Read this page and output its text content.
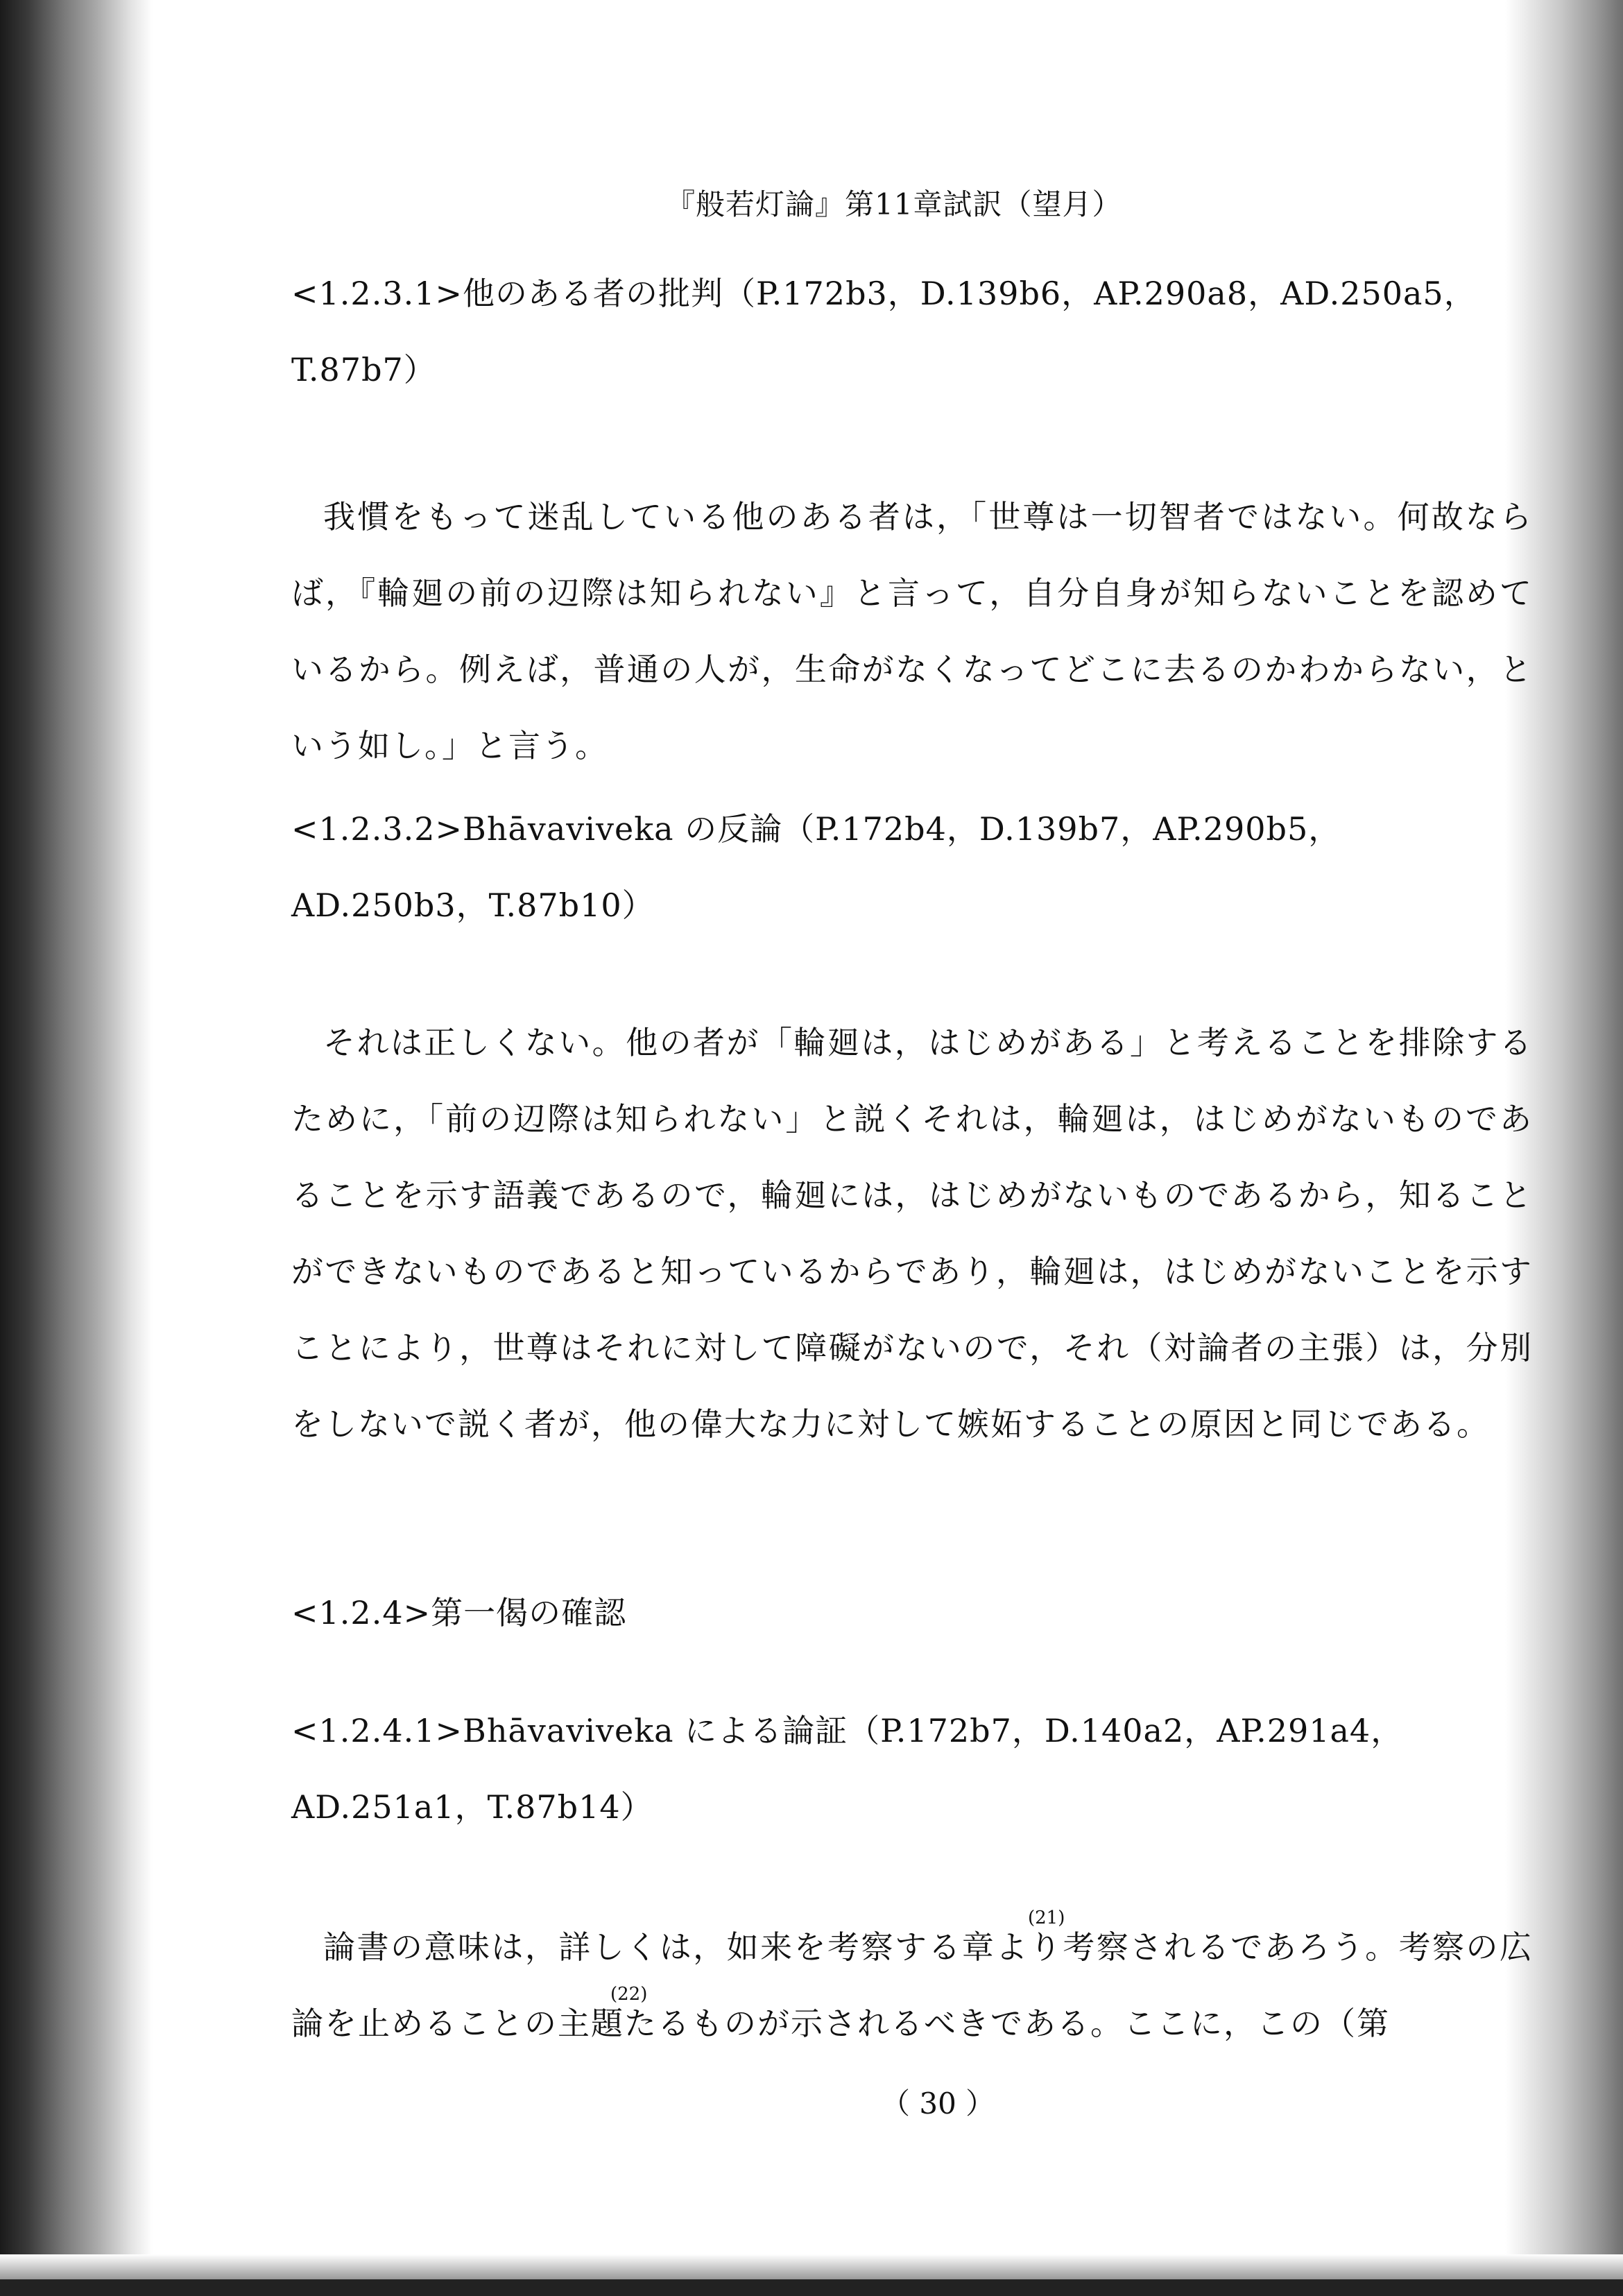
『般若灯論』第11章試訳（望月）
<1.2.3.1>他のある者の批判（P.172b3，D.139b6，AP.290a8，AD.250a5，T.87b7）

我慣をもって迷乱している他のある者は，「世尊は一切智者ではない。何故ならば，『輪廻の前の辺際は知られない』と言って，自分自身が知らないことを認めているから。例えば，普通の人が，生命がなくなってどこに去るのかわからない，という如し。」と言う。

<1.2.3.2>Bhāvaviveka の反論（P.172b4，D.139b7，AP.290b5，AD.250b3，T.87b10）

それは正しくない。他の者が「輪廻は，はじめがある」と考えることを排除するために，「前の辺際は知られない」と説くそれは，輪廻は，はじめがないものであることを示す語義であるので，輪廻には，はじめがないものであるから，知ることができないものであると知っているからであり，輪廻は，はじめがないことを示すことにより，世尊はそれに対して障礙がないので，それ（対論者の主張）は，分別をしないで説く者が，他の偉大な力に対して嫉妬することの原因と同じである。

<1.2.4>第一偈の確認
<1.2.4.1>Bhāvaviveka による論証（P.172b7，D.140a2，AP.291a4，AD.251a1，T.87b14）

論書の意味は，詳しくは，如来を考察する章より考察されるであろう。考察の広論を止めることの主題たるものが示されるべきである。ここに，この（第

(21)
(22)
（ 30 ）
